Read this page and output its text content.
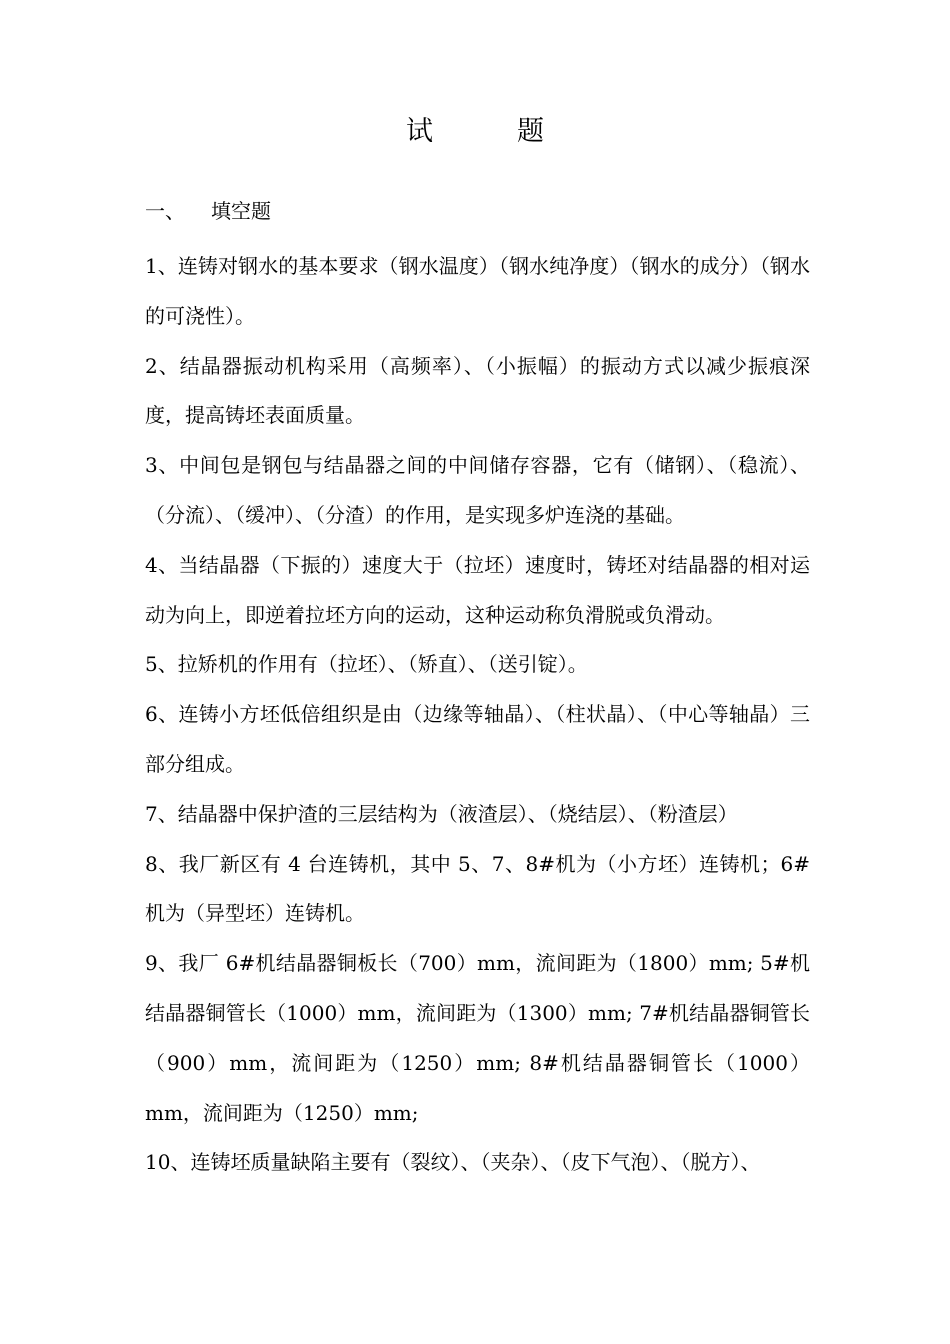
试	题
一、 填空题

1、连铸对钢水的基本要求（钢水温度）（钢水纯净度）（钢水的成分）（钢水的可浇性）。

2、结晶器振动机构采用（高频率）、（小振幅）的振动方式以减少振痕深度，提高铸坯表面质量。

3、中间包是钢包与结晶器之间的中间储存容器，它有（储钢）、（稳流）、（分流）、（缓冲）、（分渣）的作用，是实现多炉连浇的基础。

4、当结晶器（下振的）速度大于（拉坯）速度时，铸坯对结晶器的相对运动为向上，即逆着拉坯方向的运动，这种运动称负滑脱或负滑动。

5、拉矫机的作用有（拉坯）、（矫直）、（送引锭）。

6、连铸小方坯低倍组织是由（边缘等轴晶）、（柱状晶）、（中心等轴晶）三部分组成。

7、结晶器中保护渣的三层结构为（液渣层）、（烧结层）、（粉渣层）

8、我厂新区有 4 台连铸机，其中 5、7、8#机为（小方坯）连铸机；6#机为（异型坯）连铸机。

9、我厂 6#机结晶器铜板长（700）mm，流间距为（1800）mm; 5#机结晶器铜管长（1000）mm，流间距为（1300）mm; 7#机结晶器铜管长（900）mm，流间距为（1250）mm; 8#机结晶器铜管长（1000）mm，流间距为（1250）mm;

10、连铸坯质量缺陷主要有（裂纹）、（夹杂）、（皮下气泡）、（脱方）、
